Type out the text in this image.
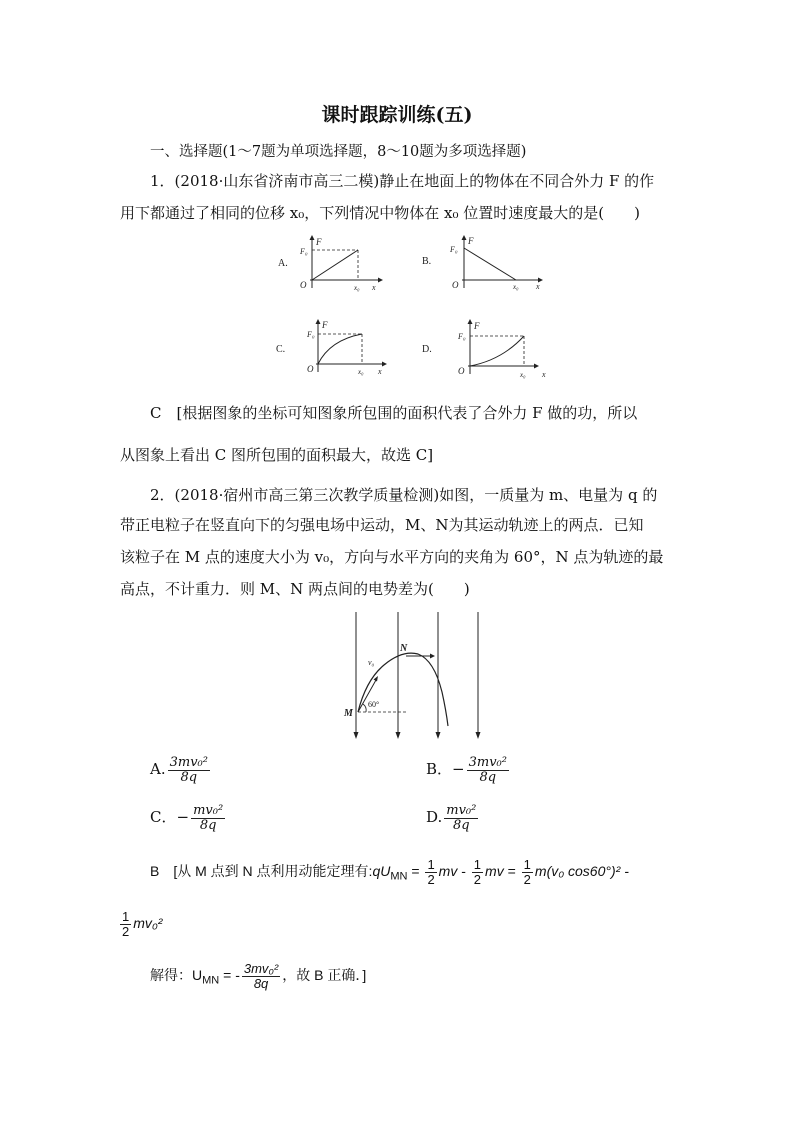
课时跟踪训练(五)
一、选择题(1～7题为单项选择题，8～10题为多项选择题)
1．(2018·山东省济南市高三二模)静止在地面上的物体在不同合外力 F 的作
用下都通过了相同的位移 x₀，下列情况中物体在 x₀ 位置时速度最大的是(　　)
A.
F
F₀
O	x₀ x
B.
F
F₀
O	x₀ x
C.
F
F₀
O	x₀ x
D.
F
F₀
O	x₀ x
C　[根据图象的坐标可知图象所包围的面积代表了合外力 F 做的功，所以
从图象上看出 C 图所包围的面积最大，故选 C]
2．(2018·宿州市高三第三次教学质量检测)如图，一质量为 m、电量为 q 的
带正电粒子在竖直向下的匀强电场中运动，M、N为其运动轨迹上的两点．已知
该粒子在 M 点的速度大小为 v₀，方向与水平方向的夹角为 60°，N 点为轨迹的最
高点，不计重力．则 M、N 两点间的电势差为(　　)
M
N
v₀
60°
A. $\frac{\text{3mv₀²}}{8q}$	B．− $\frac{\text{3mv₀²}}{8q}$
C．− $\frac{\text{mv₀²}}{8q}$	D. $\frac{\text{mv₀²}}{8q}$
B　[从 M 点到 N 点利用动能定理有$:qU_{MN} = \frac{1}{2}$ mv - $\frac{1}{2}$ mv = $\frac{1}{2} m(v_0$ cos60°)² -
$\frac{1}{2} mv_0^2$
解得：$U_{MN}$ = - $\frac{\text{3mv₀²}}{8q}$ ，故 B 正确．]
